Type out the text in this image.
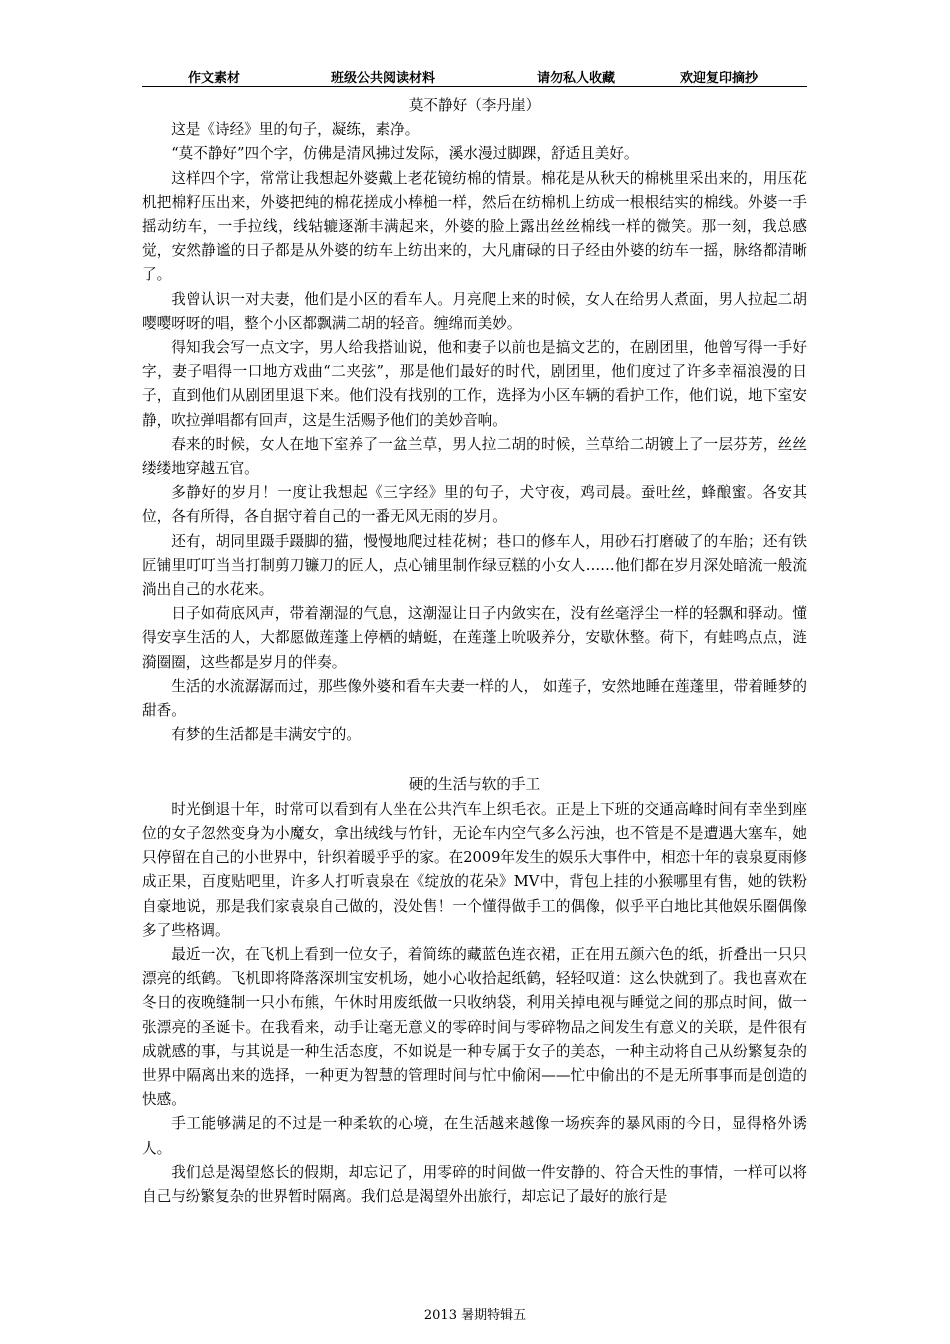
作文素材	班级公共阅读材料	请勿私人收藏	欢迎复印摘抄

莫不静好（李丹崖）

这是《诗经》里的句子，凝练，素净。

“莫不静好”四个字，仿佛是清风拂过发际，溪水漫过脚踝，舒适且美好。

这样四个字，常常让我想起外婆戴上老花镜纺棉的情景。棉花是从秋天的棉桃里采出来的，用压花机把棉籽压出来，外婆把纯的棉花搓成小棒槌一样，然后在纺棉机上纺成一根根结实的棉线。外婆一手摇动纺车，一手拉线，线轱辘逐渐丰满起来，外婆的脸上露出丝丝棉线一样的微笑。那一刻，我总感觉，安然静谧的日子都是从外婆的纺车上纺出来的，大凡庸碌的日子经由外婆的纺车一摇，脉络都清晰了。

我曾认识一对夫妻，他们是小区的看车人。月亮爬上来的时候，女人在给男人煮面，男人拉起二胡嘤嘤呀呀的唱，整个小区都飘满二胡的轻音。缠绵而美妙。

得知我会写一点文字，男人给我搭讪说，他和妻子以前也是搞文艺的，在剧团里，他曾写得一手好字，妻子唱得一口地方戏曲“二夹弦”，那是他们最好的时代，剧团里，他们度过了许多幸福浪漫的日子，直到他们从剧团里退下来。他们没有找别的工作，选择为小区车辆的看护工作，他们说，地下室安静，吹拉弹唱都有回声，这是生活赐予他们的美妙音响。

春来的时候，女人在地下室养了一盆兰草，男人拉二胡的时候，兰草给二胡镀上了一层芬芳，丝丝缕缕地穿越五官。

多静好的岁月！一度让我想起《三字经》里的句子，犬守夜，鸡司晨。蚕吐丝，蜂酿蜜。各安其位，各有所得，各自据守着自己的一番无风无雨的岁月。

还有，胡同里蹑手蹑脚的猫，慢慢地爬过桂花树；巷口的修车人，用砂石打磨破了的车胎；还有铁匠铺里叮叮当当打制剪刀镰刀的匠人，点心铺里制作绿豆糕的小女人……他们都在岁月深处暗流一般流淌出自己的水花来。

日子如荷底风声，带着潮湿的气息，这潮湿让日子内敛实在，没有丝毫浮尘一样的轻飘和驿动。懂得安享生活的人，大都愿做莲蓬上停栖的蜻蜓，在莲蓬上吮吸养分，安歇休整。荷下，有蛙鸣点点，涟漪圈圈，这些都是岁月的伴奏。

生活的水流潺潺而过，那些像外婆和看车夫妻一样的人， 如莲子，安然地睡在莲蓬里，带着睡梦的甜香。

有梦的生活都是丰满安宁的。

硬的生活与软的手工

时光倒退十年，时常可以看到有人坐在公共汽车上织毛衣。正是上下班的交通高峰时间有幸坐到座位的女子忽然变身为小魔女，拿出绒线与竹针，无论车内空气多么污浊，也不管是不是遭遇大塞车，她只停留在自己的小世界中，针织着暖乎乎的家。在2009年发生的娱乐大事件中，相恋十年的袁泉夏雨修成正果，百度贴吧里，许多人打听袁泉在《绽放的花朵》MV中，背包上挂的小猴哪里有售，她的铁粉自豪地说，那是我们家袁泉自己做的，没处售！一个懂得做手工的偶像，似乎平白地比其他娱乐圈偶像多了些格调。

最近一次，在飞机上看到一位女子，着简练的藏蓝色连衣裙，正在用五颜六色的纸，折叠出一只只漂亮的纸鹤。飞机即将降落深圳宝安机场，她小心收拾起纸鹤，轻轻叹道：这么快就到了。我也喜欢在冬日的夜晚缝制一只小布熊，午休时用废纸做一只收纳袋，利用关掉电视与睡觉之间的那点时间，做一张漂亮的圣诞卡。在我看来，动手让毫无意义的零碎时间与零碎物品之间发生有意义的关联，是件很有成就感的事，与其说是一种生活态度，不如说是一种专属于女子的美态，一种主动将自己从纷繁复杂的世界中隔离出来的选择，一种更为智慧的管理时间与忙中偷闲——忙中偷出的不是无所事事而是创造的快感。

手工能够满足的不过是一种柔软的心境，在生活越来越像一场疾奔的暴风雨的今日，显得格外诱人。

我们总是渴望悠长的假期，却忘记了，用零碎的时间做一件安静的、符合天性的事情，一样可以将自己与纷繁复杂的世界暂时隔离。我们总是渴望外出旅行，却忘记了最好的旅行是

2013 暑期特辑五
